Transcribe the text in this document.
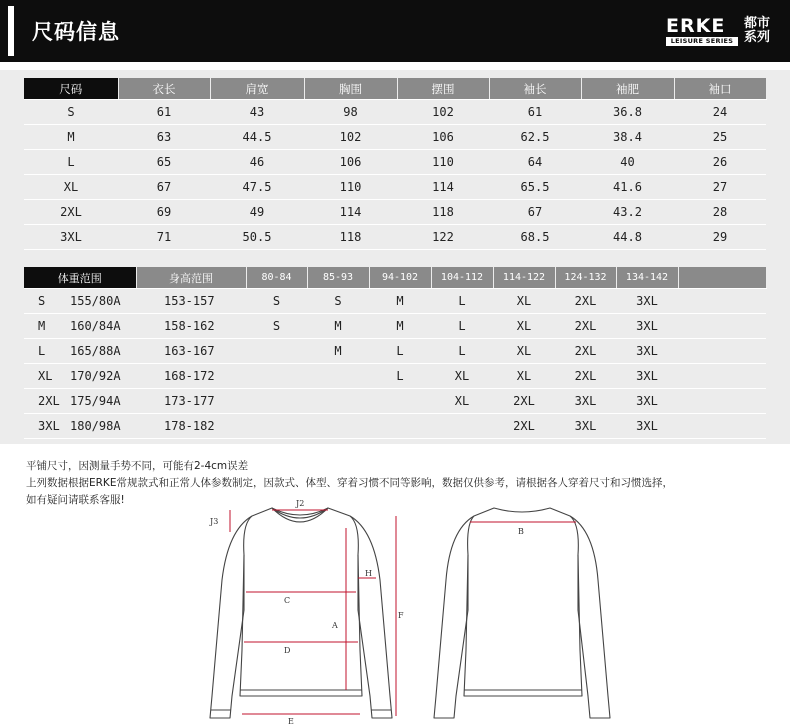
尺码信息	ERKE
LEISURE SERIES
都市
系列
尺码	衣长	肩宽	胸围	摆围	袖长	袖肥	袖口
S	61	43	98	102	61	36.8	24
M	63	44.5	102	106	62.5	38.4	25
L	65	46	106	110	64	40	26
XL	67	47.5	110	114	65.5	41.6	27
2XL	69	49	114	118	67	43.2	28
3XL	71	50.5	118	122	68.5	44.8	29
体重范围	身高范围	80-84	85-93	94-102	104-112	114-122	124-132	134-142	
S 155/80A	153-157	S	S	M	L	XL	2XL	3XL	
M 160/84A	158-162	S	M	M	L	XL	2XL	3XL	
L 165/88A	163-167		M	L	L	XL	2XL	3XL	
XL 170/92A	168-172			L	XL	XL	2XL	3XL	
2XL 175/94A	173-177				XL	2XL	3XL	3XL	
3XL 180/98A	178-182					2XL	3XL	3XL	
平铺尺寸，因测量手势不同，可能有2-4cm误差
上列数据根据ERKE常规款式和正常人体参数制定，因款式、体型、穿着习惯不同等影响，数据仅供参考，请根据各人穿着尺寸和习惯选择，
如有疑问请联系客服!	J2
J3
H
C
A
D
F
E
B
